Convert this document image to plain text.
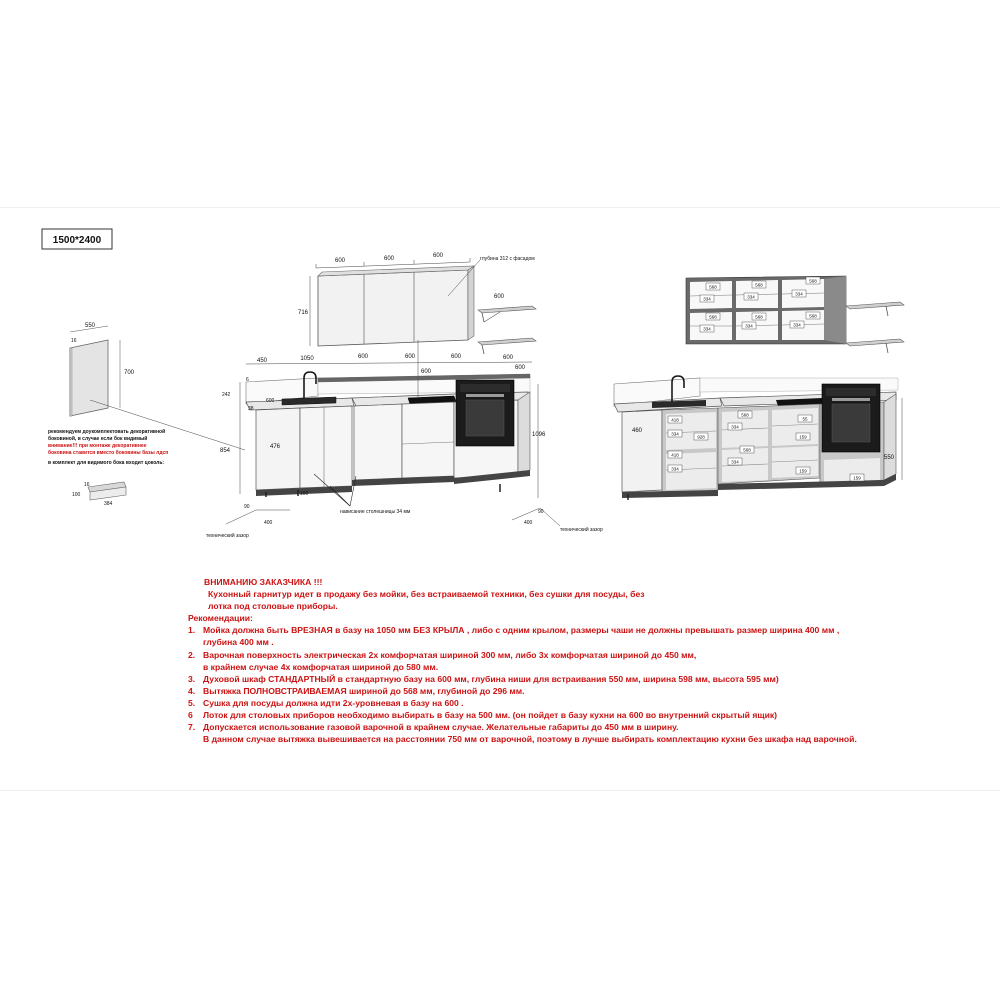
1500*2400
550
16
700
рекомендуем доукомплектовать декоративной
боковиной, в случае если бок видимый
внимание!!! при монтаже декоративнее
боковина ставится вместо боковины базы лдсп
в комплект для видимого бока входит цоколь:
16
100
384
600	600	600	глубина 312 с фасадом
716
600
450	1050	600	600	600	600
600
600
нависание столешницы 34 мм
6
242
38
600
854
476
1096
100
90
400
технический зазор
90
400
технический зазор
568
334
568
334
568
334
568
334
568
334
568
334
460
418
334
418
334
928
568
334
568
334
55
159
159
159
550
ВНИМАНИЮ ЗАКАЗЧИКА !!!
Кухонный гарнитур идет в продажу без мойки, без встраиваемой техники, без сушки для посуды, без
лотка под столовые приборы.
Рекомендации:
1. Мойка должна быть ВРЕЗНАЯ в базу на 1050 мм БЕЗ КРЫЛА , либо с одним крылом, размеры чаши не должны превышать размер ширина 400 мм ,
глубина 400 мм .
2. Варочная поверхность электрическая 2х комфорчатая шириной 300 мм, либо 3х комфорчатая шириной до 450 мм,
в крайнем случае 4х комфорчатая шириной до 580 мм.
3. Духовой шкаф СТАНДАРТНЫЙ в стандартную базу на 600 мм, глубина ниши для встраивания 550 мм, ширина 598 мм, высота 595 мм)
4. Вытяжка ПОЛНОВСТРАИВАЕМАЯ шириной до 568 мм, глубиной до 296 мм.
5. Сушка для посуды должна идти 2х-уровневая в базу на 600 .
6 Лоток для столовых приборов необходимо выбирать в базу на 500 мм. (он пойдет в базу кухни на 600 во внутренний скрытый ящик)
7. Допускается использование газовой варочной в крайнем случае. Желательные габариты до 450 мм в ширину.
В данном случае вытяжка вывешивается на расстоянии 750 мм от варочной, поэтому в лучше выбирать комплектацию кухни без шкафа над варочной.
